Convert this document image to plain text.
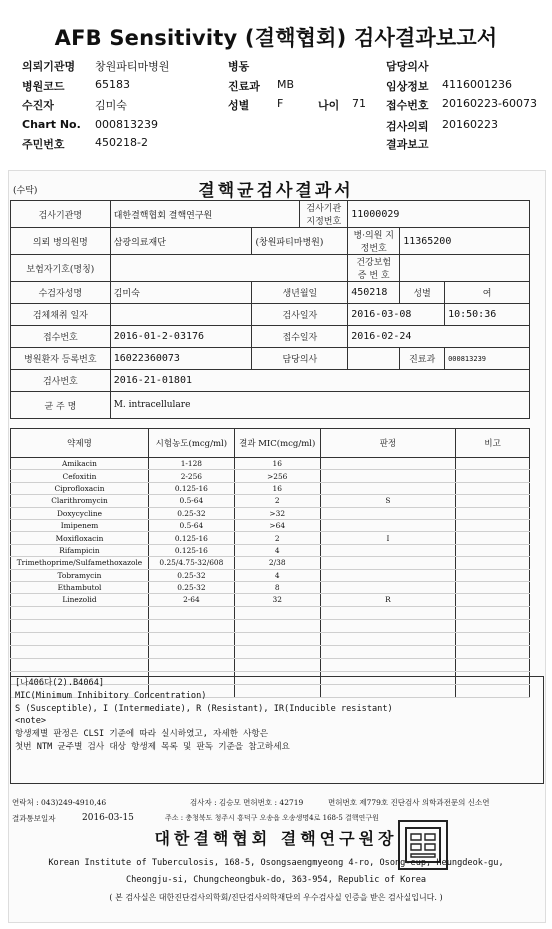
AFB Sensitivity (결핵협회) 검사결과보고서
의뢰기관명 창원파티마병원	병동	담당의사
병원코드	65183	진료과 MB	임상정보 4116001236
수진자	김미숙	성별	F	나이 71 접수번호 20160223-60073
Chart No. 000813239	검사의뢰 20160223
주민번호	450218-2	결과보고
(수탁)	결핵균검사결과서
검사기관명	대한결핵협회 결핵연구원		검사기관 지정번호	11000029		
의뢰 병의원명	삼광의료재단	(창원파티마병원)		병·의원 지정번호	11365200	
보험자기호(명칭)				건강보험 증 번 호		
수검자성명	김미숙	생년월일		450218	성별	여
검체채취 일자		검사일자		2016-03-08		10:50:36
접수번호	2016-01-2-03176	접수일자		2016-02-24		
병원환자 등록번호	16022360073	담당의사			진료과	000813239
검사번호	2016-21-01801					
균 주 명	M. intracellulare					
약제명	시험농도(mcg/ml)	결과 MIC(mcg/ml)	판정	비고
Amikacin	1-128	16		
Cefoxitin	2-256	>256		
Ciprofloxacin	0.125-16	16		
Clarithromycin	0.5-64	2	S	
Doxycycline	0.25-32	>32		
Imipenem	0.5-64	>64		
Moxifloxacin	0.125-16	2	I	
Rifampicin	0.125-16	4		
Trimethoprime/Sulfamethoxazole	0.25/4.75-32/608	2/38		
Tobramycin	0.25-32	4		
Ethambutol	0.25-32	8		
Linezolid	2-64	32	R	

[나406다(2).B4064]
MIC(Minimum Inhibitory Concentration)
S (Susceptible), I (Intermediate), R (Resistant), IR(Inducible resistant)
<note>
항생제별 판정은 CLSI 기준에 따라 실시하였고, 자세한 사항은
첫번 NTM 균주별 검사 대상 항생제 목록 및 판독 기준을 참고하세요
연락처 : 043)249-4910,46	검사자 : 김승모 면허번호 : 42719	면허번호 제779호 진단검사 의학과전문의 신소연
결과통보일자	2016-03-15	주소 : 충청북도 청주시 흥덕구 오송읍 오송생명4로 168-5 결핵연구원
대한결핵협회 결핵연구원장
Korean Institute of Tuberculosis, 168-5, Osongsaengmyeong 4-ro, Osong-eup, Heungdeok-gu,
Cheongju-si, Chungcheongbuk-do, 363-954, Republic of Korea
( 본 검사실은 대한진단검사의학회/진단검사의학재단의 우수검사실 인증을 받은 검사실입니다. )
